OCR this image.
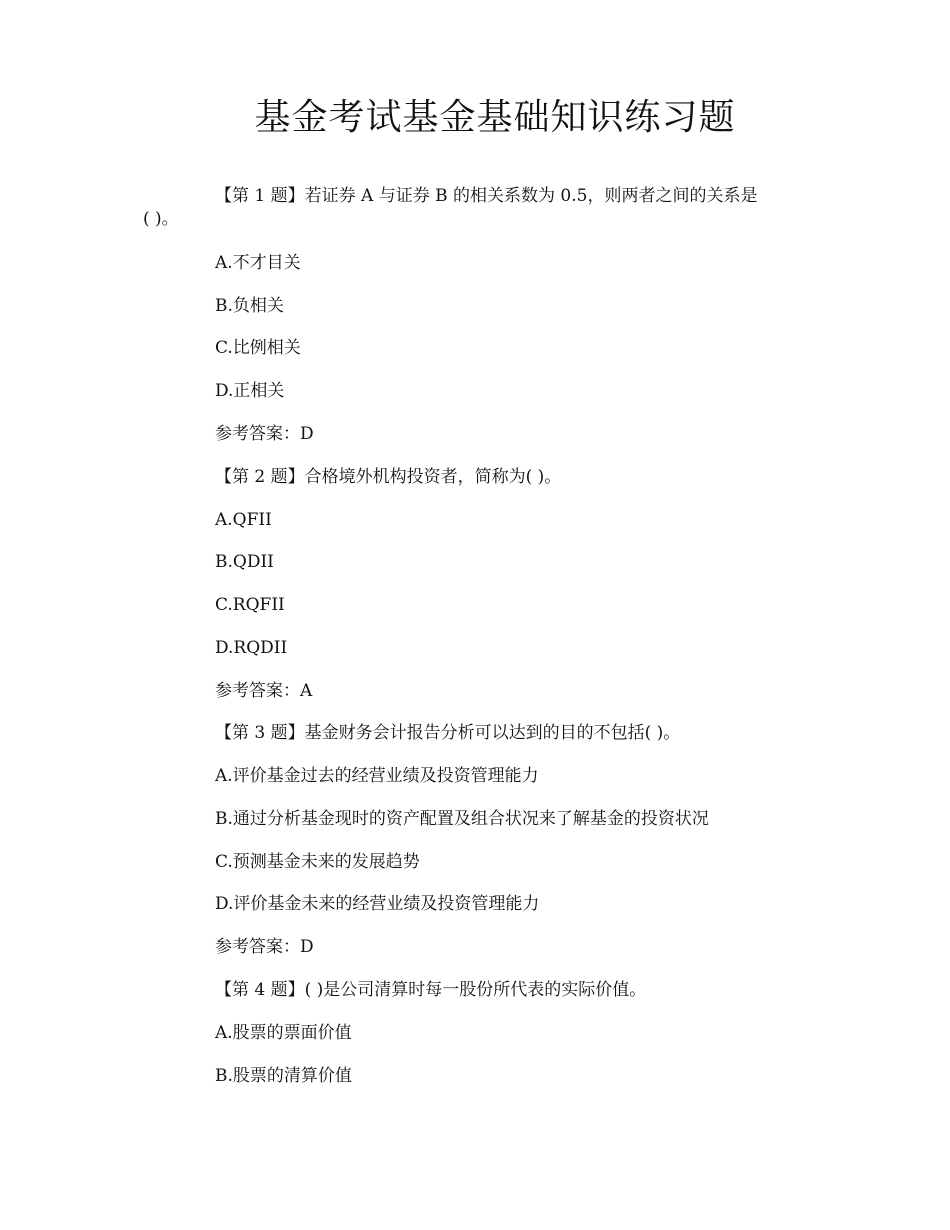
基金考试基金基础知识练习题
【第 1 题】若证券 A 与证券 B 的相关系数为 0.5，则两者之间的关系是
( )。
A.不才目关
B.负相关
C.比例相关
D.正相关
参考答案：D
【第 2 题】合格境外机构投资者，简称为( )。
A.QFII
B.QDII
C.RQFII
D.RQDII
参考答案：A
【第 3 题】基金财务会计报告分析可以达到的目的不包括( )。
A.评价基金过去的经营业绩及投资管理能力
B.通过分析基金现时的资产配置及组合状况来了解基金的投资状况
C.预测基金未来的发展趋势
D.评价基金未来的经营业绩及投资管理能力
参考答案：D
【第 4 题】( )是公司清算时每一股份所代表的实际价值。
A.股票的票面价值
B.股票的清算价值
